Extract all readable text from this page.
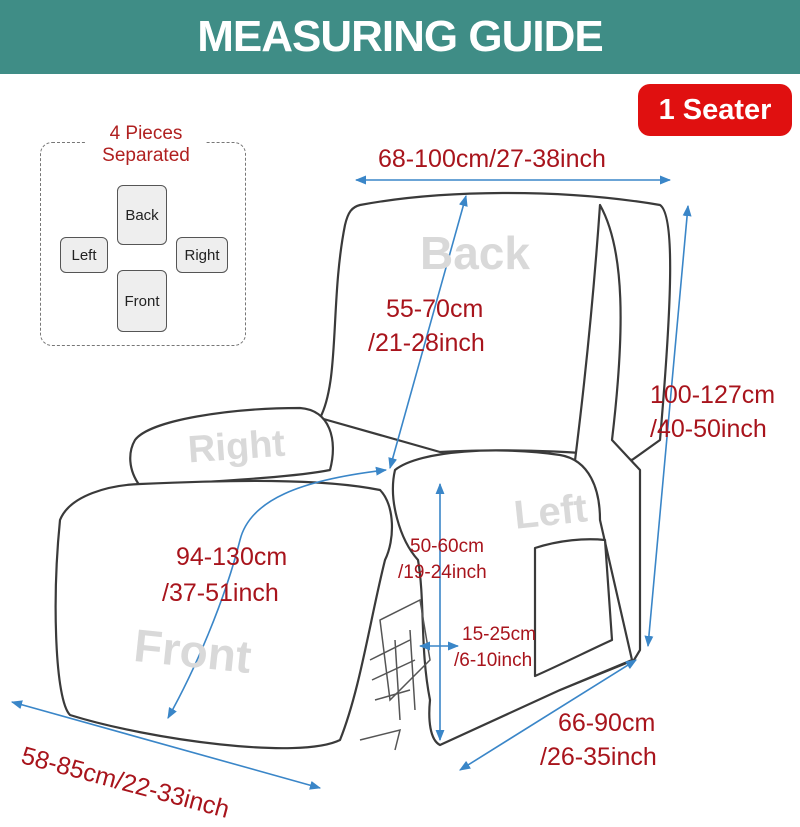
MEASURING GUIDE
1 Seater
4 Pieces
Separated
Back
Left	Right
Front
Back
Right
Left
Front
68-100cm/27-38inch
55-70cm
/21-28inch
100-127cm
/40-50inch
94-130cm
/37-51inch
50-60cm
/19-24inch
15-25cm
/6-10inch
66-90cm
/26-35inch
58-85cm/22-33inch
